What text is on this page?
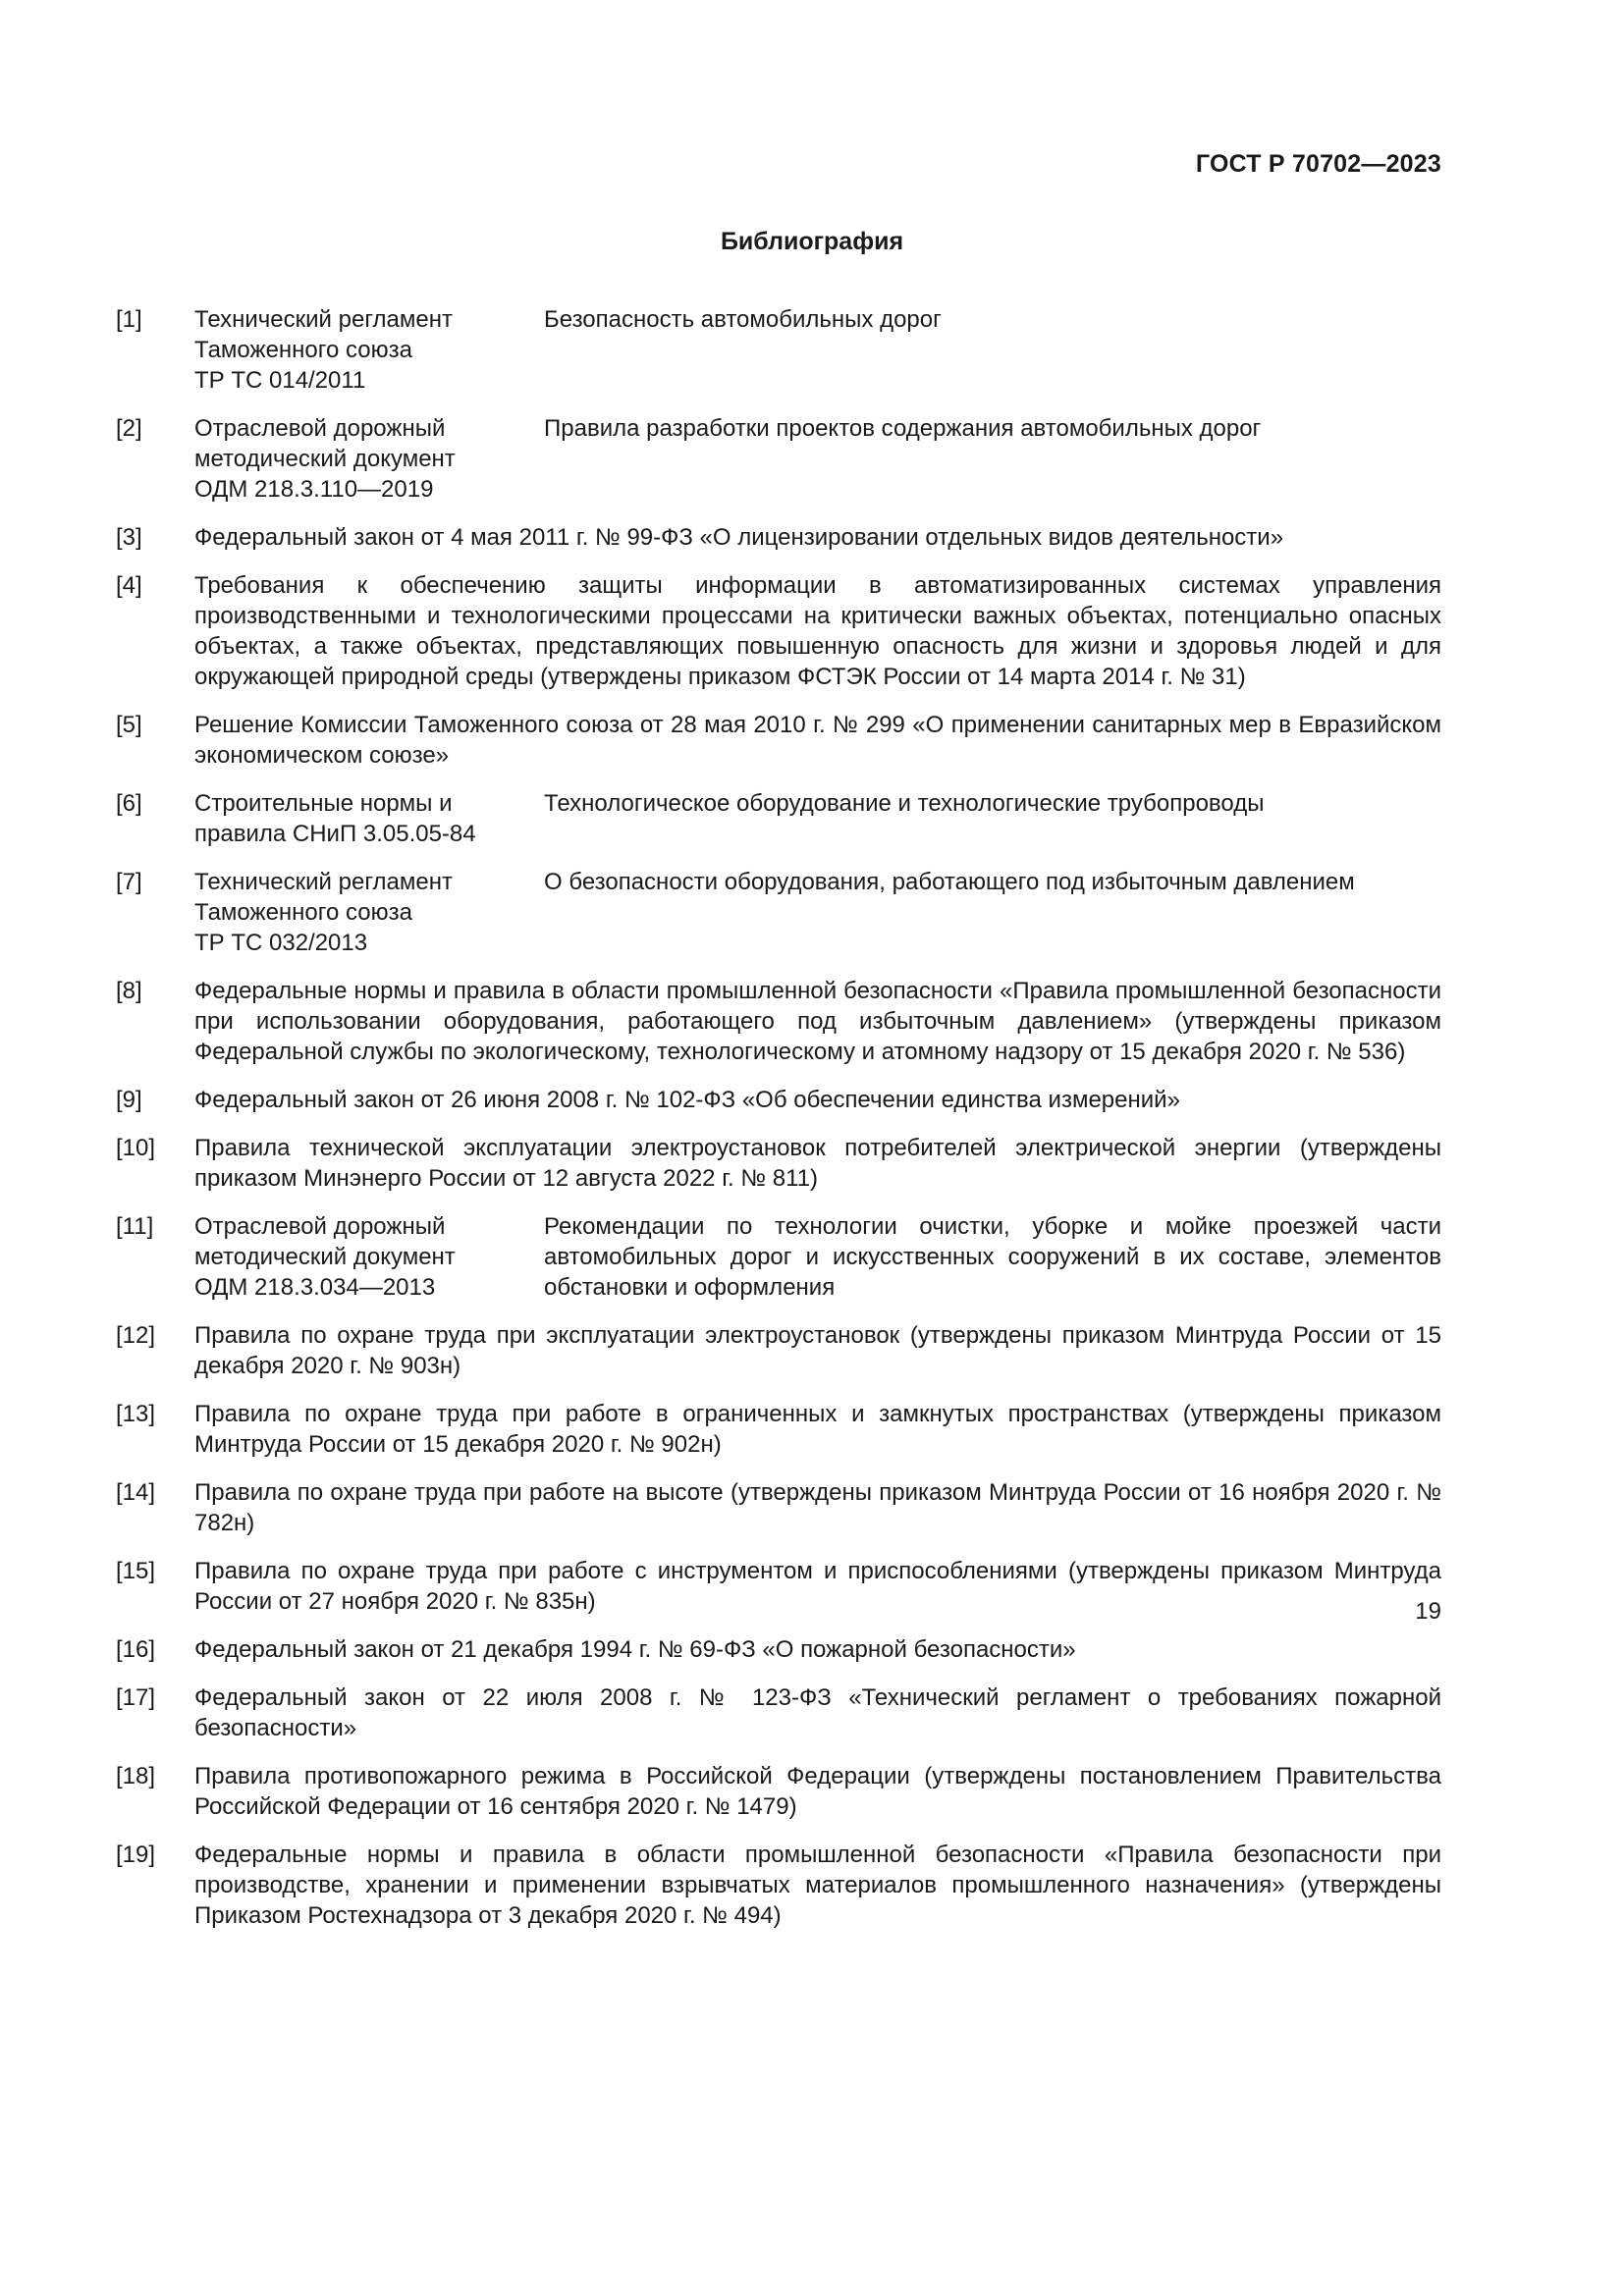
ГОСТ Р 70702—2023
Библиография
[1] Технический регламент
Таможенного союза
ТР ТС 014/2011
Безопасность автомобильных дорог
[2] Отраслевой дорожный
методический документ
ОДМ 218.3.110—2019
Правила разработки проектов содержания автомобильных дорог
[3] Федеральный закон от 4 мая 2011 г. № 99-ФЗ «О лицензировании отдельных видов деятельности»
[4] Требования к обеспечению защиты информации в автоматизированных системах управления производственными и технологическими процессами на критически важных объектах, потенциально опасных объектах, а также объектах, представляющих повышенную опасность для жизни и здоровья людей и для окружающей природной среды (утверждены приказом ФСТЭК России от 14 марта 2014 г. № 31)
[5] Решение Комиссии Таможенного союза от 28 мая 2010 г. № 299 «О применении санитарных мер в Евразийском экономическом союзе»
[6] Строительные нормы и
правила СНиП 3.05.05-84
Технологическое оборудование и технологические трубопроводы
[7] Технический регламент
Таможенного союза
ТР ТС 032/2013
О безопасности оборудования, работающего под избыточным давлением
[8] Федеральные нормы и правила в области промышленной безопасности «Правила промышленной безопасности при использовании оборудования, работающего под избыточным давлением» (утверждены приказом Федеральной службы по экологическому, технологическому и атомному надзору от 15 декабря 2020 г. № 536)
[9] Федеральный закон от 26 июня 2008 г. № 102-ФЗ «Об обеспечении единства измерений»
[10] Правила технической эксплуатации электроустановок потребителей электрической энергии (утверждены приказом Минэнерго России от 12 августа 2022 г. № 811)
[11] Отраслевой дорожный
методический документ
ОДМ 218.3.034—2013
Рекомендации по технологии очистки, уборке и мойке проезжей части автомобильных дорог и искусственных сооружений в их составе, элементов обстановки и оформления
[12] Правила по охране труда при эксплуатации электроустановок (утверждены приказом Минтруда России от 15 декабря 2020 г. № 903н)
[13] Правила по охране труда при работе в ограниченных и замкнутых пространствах (утверждены приказом Минтруда России от 15 декабря 2020 г. № 902н)
[14] Правила по охране труда при работе на высоте (утверждены приказом Минтруда России от 16 ноября 2020 г. № 782н)
[15] Правила по охране труда при работе с инструментом и приспособлениями (утверждены приказом Минтруда России от 27 ноября 2020 г. № 835н)
[16] Федеральный закон от 21 декабря 1994 г. № 69-ФЗ «О пожарной безопасности»
[17] Федеральный закон от 22 июля 2008 г. № 123-ФЗ «Технический регламент о требованиях пожарной безопасности»
[18] Правила противопожарного режима в Российской Федерации (утверждены постановлением Правительства Российской Федерации от 16 сентября 2020 г. № 1479)
[19] Федеральные нормы и правила в области промышленной безопасности «Правила безопасности при производстве, хранении и применении взрывчатых материалов промышленного назначения» (утверждены Приказом Ростехнадзора от 3 декабря 2020 г. № 494)
19
